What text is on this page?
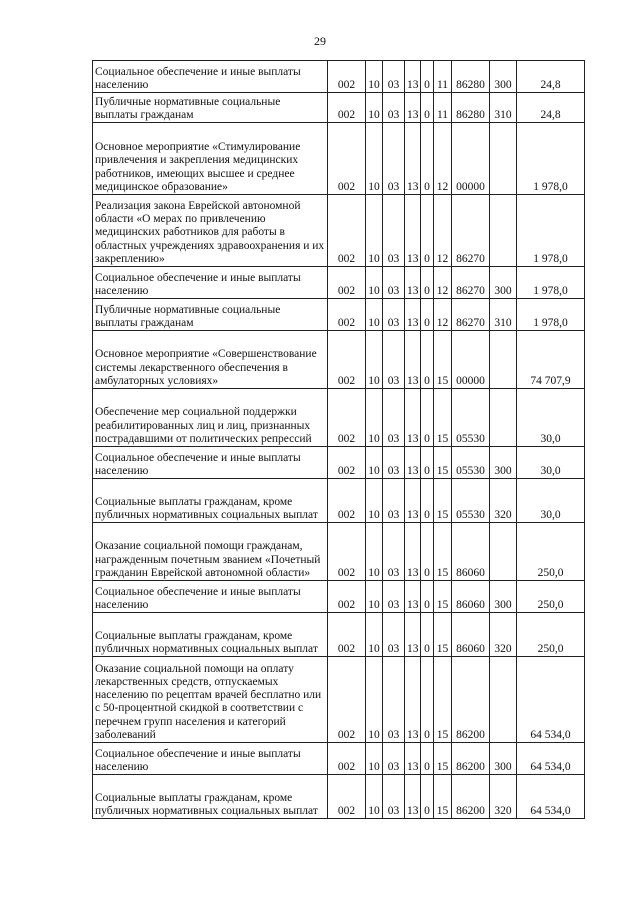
29
Социальное обеспечение и иные выплаты населению	002	10	03	13	0	11	86280	300	24,8
Публичные нормативные социальные выплаты гражданам	002	10	03	13	0	11	86280	310	24,8
Основное мероприятие «Стимулирование привлечения и закрепления медицинских работников, имеющих высшее и среднее медицинское образование»	002	10	03	13	0	12	00000		1 978,0
Реализация закона Еврейской автономной области «О мерах по привлечению медицинских работников для работы в областных учреждениях здравоохранения и их закреплению»	002	10	03	13	0	12	86270		1 978,0
Социальное обеспечение и иные выплаты населению	002	10	03	13	0	12	86270	300	1 978,0
Публичные нормативные социальные выплаты гражданам	002	10	03	13	0	12	86270	310	1 978,0
Основное мероприятие «Совершенствование системы лекарственного обеспечения в амбулаторных условиях»	002	10	03	13	0	15	00000		74 707,9
Обеспечение мер социальной поддержки реабилитированных лиц и лиц, признанных пострадавшими от политических репрессий	002	10	03	13	0	15	05530		30,0
Социальное обеспечение и иные выплаты населению	002	10	03	13	0	15	05530	300	30,0
Социальные выплаты гражданам, кроме публичных нормативных социальных выплат	002	10	03	13	0	15	05530	320	30,0
Оказание социальной помощи гражданам, награжденным почетным званием «Почетный гражданин Еврейской автономной области»	002	10	03	13	0	15	86060		250,0
Социальное обеспечение и иные выплаты населению	002	10	03	13	0	15	86060	300	250,0
Социальные выплаты гражданам, кроме публичных нормативных социальных выплат	002	10	03	13	0	15	86060	320	250,0
Оказание социальной помощи на оплату лекарственных средств, отпускаемых населению по рецептам врачей бесплатно или с 50-процентной скидкой в соответствии с перечнем групп населения и категорий заболеваний	002	10	03	13	0	15	86200		64 534,0
Социальное обеспечение и иные выплаты населению	002	10	03	13	0	15	86200	300	64 534,0
Социальные выплаты гражданам, кроме публичных нормативных социальных выплат	002	10	03	13	0	15	86200	320	64 534,0
